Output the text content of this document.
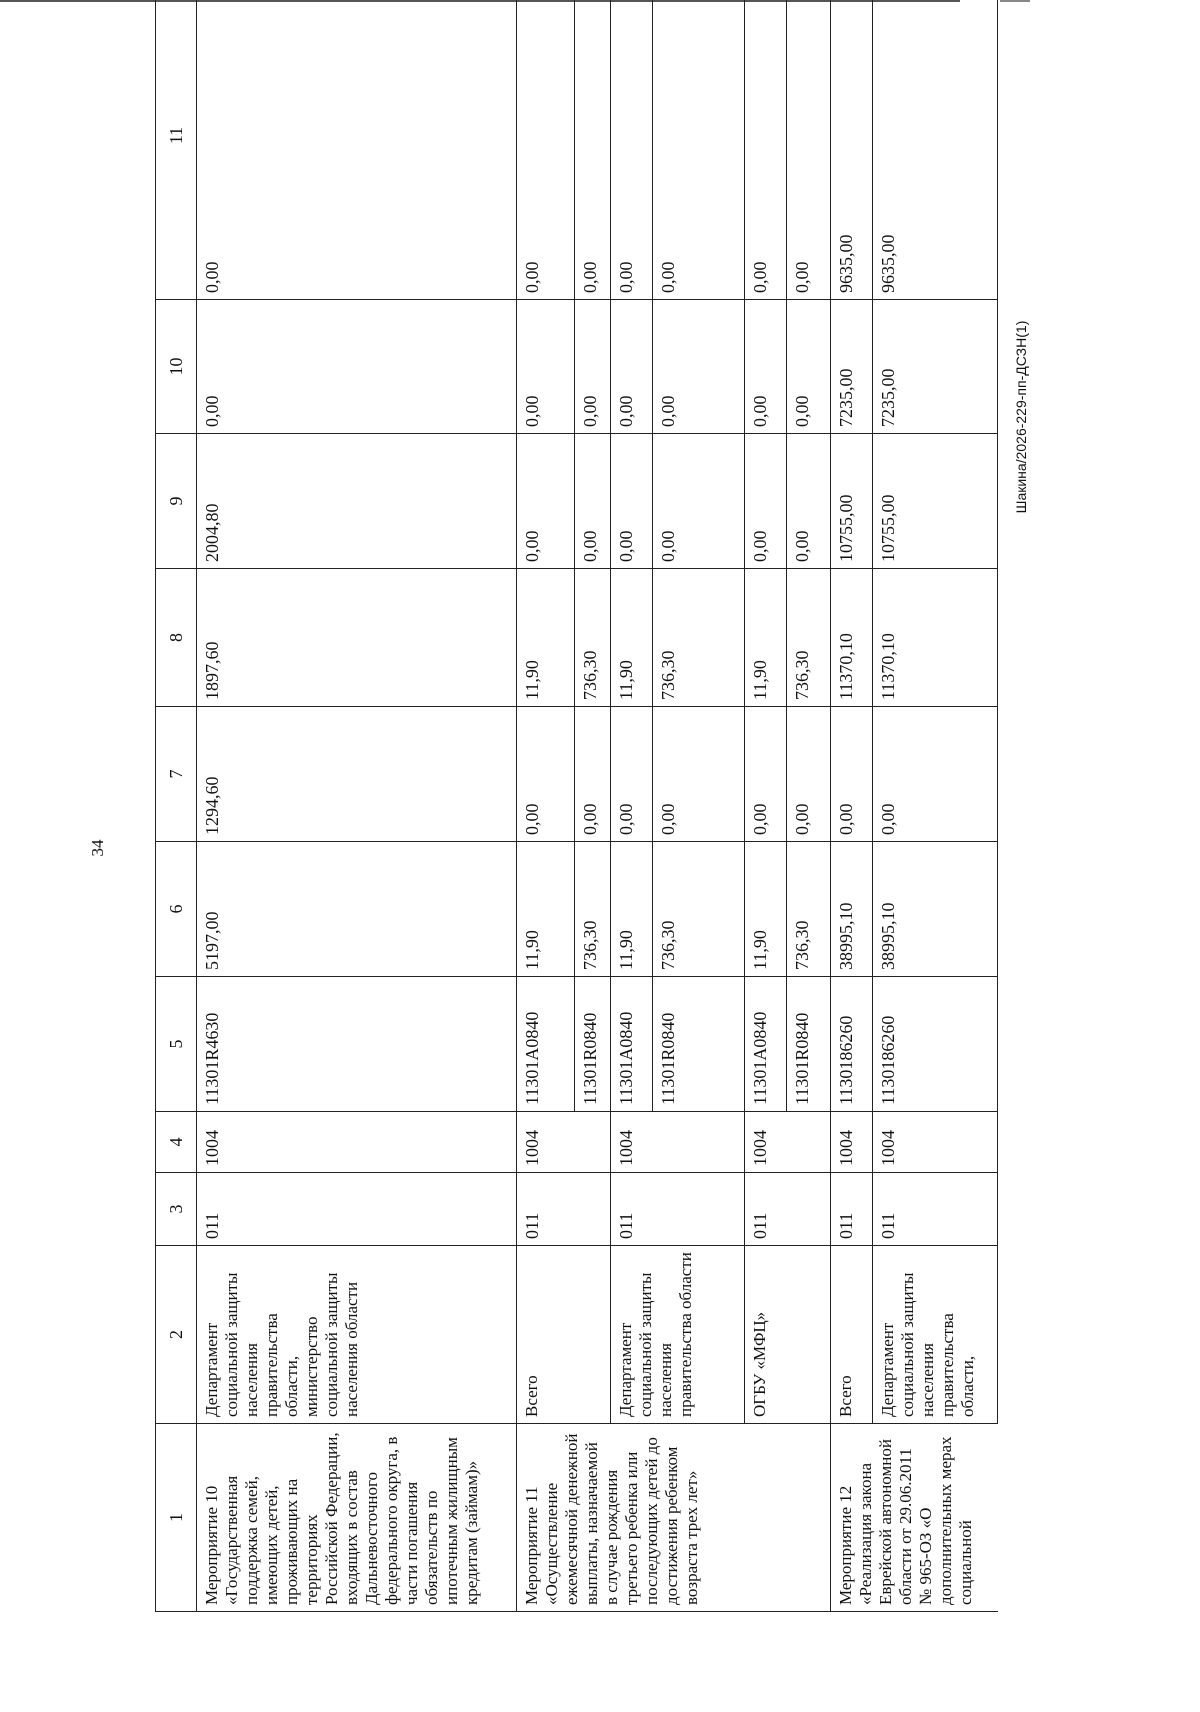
34
1	2	3	4	5	6	7	8	9	10	11
Мероприятие 10 «Государственная поддержка семей, имеющих детей, проживающих на территориях Российской Федерации, входящих в состав Дальневосточного федерального округа, в части погашения обязательств по ипотечным жилищным кредитам (займам)»	Департамент социальной защиты населения правительства области, министерство социальной защиты населения области	011	1004	11301R4630	5197,00	1294,60	1897,60	2004,80	0,00	0,00
Мероприятие 11 «Осуществление ежемесячной денежной выплаты, назначаемой в случае рождения третьего ребенка или последующих детей до достижения ребенком возраста трех лет»	Всего	011	1004	11301А0840	11,90	0,00	11,90	0,00	0,00	0,00
				11301R0840	736,30	0,00	736,30	0,00	0,00	0,00
	Департамент социальной защиты населения правительства области	011	1004	11301А0840	11,90	0,00	11,90	0,00	0,00	0,00
				11301R0840	736,30	0,00	736,30	0,00	0,00	0,00
	ОГБУ «МФЦ»	011	1004	11301А0840	11,90	0,00	11,90	0,00	0,00	0,00
				11301R0840	736,30	0,00	736,30	0,00	0,00	0,00
Мероприятие 12 «Реализация закона Еврейской автономной области от 29.06.2011 № 965-ОЗ «О дополнительных мерах социальной	Всего	011	1004	1130186260	38995,10	0,00	11370,10	10755,00	7235,00	9635,00
	Департамент социальной защиты населения правительства области,	011	1004	1130186260	38995,10	0,00	11370,10	10755,00	7235,00	9635,00
Шакина/2026-229-пп-ДСЗН(1)
